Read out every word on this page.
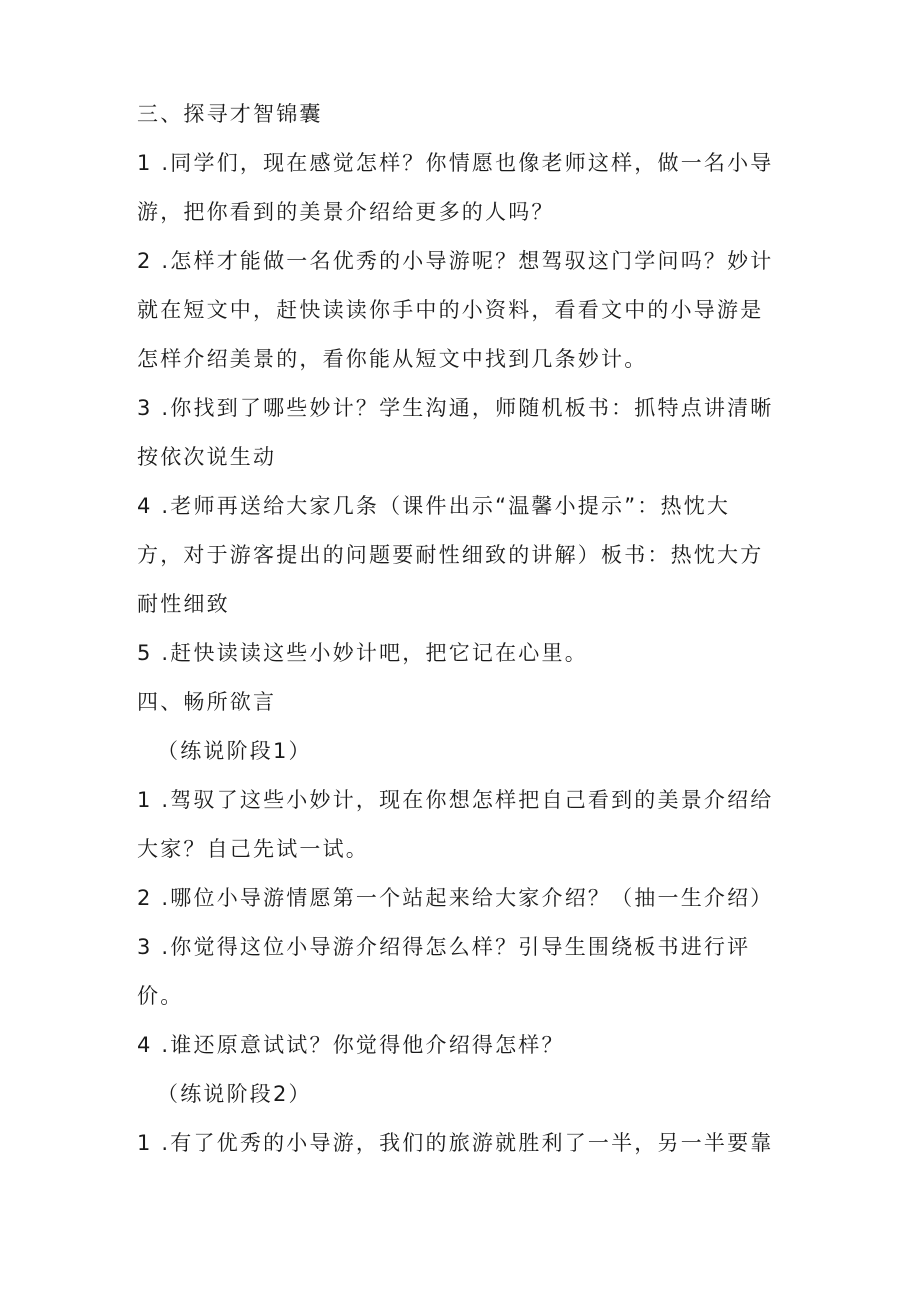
三、探寻才智锦囊
1 .同学们，现在感觉怎样？你情愿也像老师这样，做一名小导
游，把你看到的美景介绍给更多的人吗？
2 .怎样才能做一名优秀的小导游呢？想驾驭这门学问吗？妙计
就在短文中，赶快读读你手中的小资料，看看文中的小导游是
怎样介绍美景的，看你能从短文中找到几条妙计。
3 .你找到了哪些妙计？学生沟通，师随机板书：抓特点讲清晰
按依次说生动
4 .老师再送给大家几条（课件出示“温馨小提示”：热忱大
方，对于游客提出的问题要耐性细致的讲解）板书：热忱大方
耐性细致
5 .赶快读读这些小妙计吧，把它记在心里。
四、畅所欲言
（练说阶段1）
1 .驾驭了这些小妙计，现在你想怎样把自己看到的美景介绍给
大家？自己先试一试。
2 .哪位小导游情愿第一个站起来给大家介绍？（抽一生介绍）
3 .你觉得这位小导游介绍得怎么样？引导生围绕板书进行评
价。
4 .谁还原意试试？你觉得他介绍得怎样？
（练说阶段2）
1 .有了优秀的小导游，我们的旅游就胜利了一半，另一半要靠
